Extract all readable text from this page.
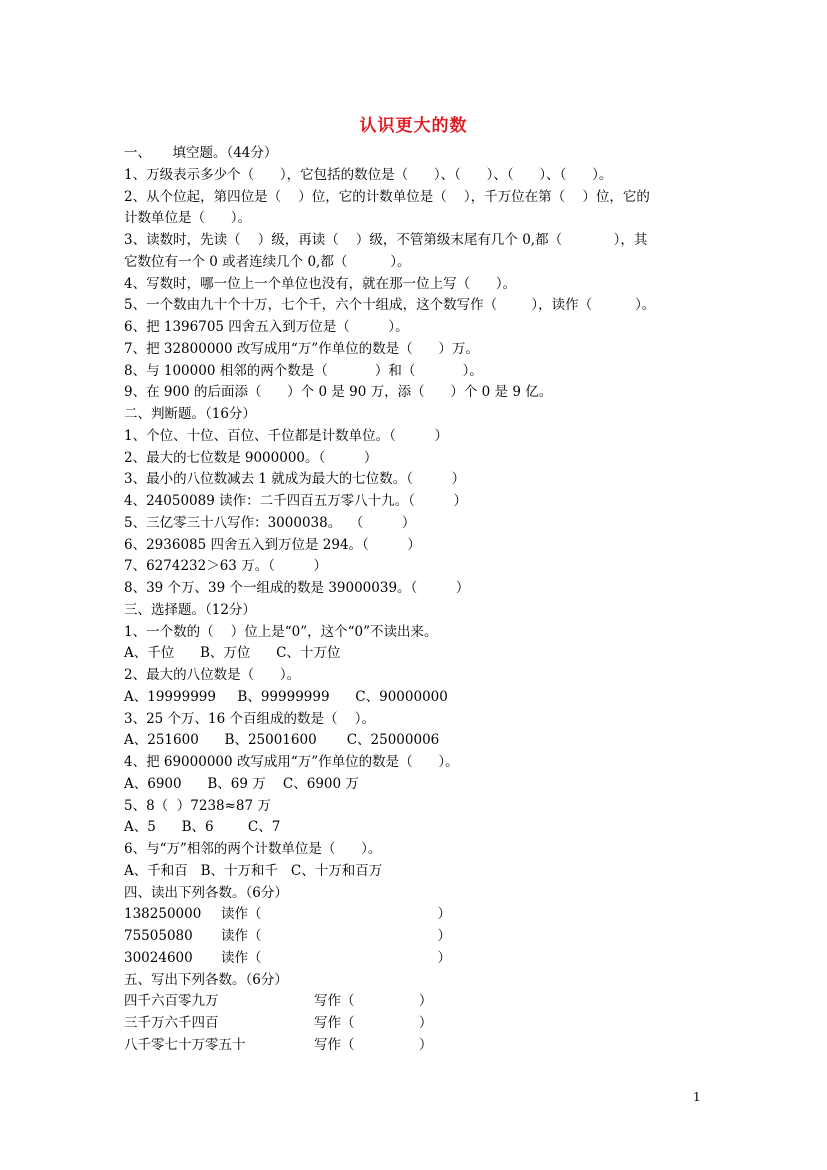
认识更大的数
一、     填空题。（44分）
1、万级表示多少个（      ），它包括的数位是（      ）、（      ）、（      ）、（      ）。
2、从个位起，第四位是（    ）位，它的计数单位是（    ），千万位在第（    ）位，它的
计数单位是（      ）。
3、读数时，先读（    ）级，再读（    ）级，不管第级末尾有几个 0,都（            ），其
它数位有一个 0 或者连续几个 0,都（          ）。
4、写数时，哪一位上一个单位也没有，就在那一位上写（      ）。
5、一个数由九十个十万，七个千，六个十组成，这个数写作（        ），读作（          ）。
6、把 1396705 四舍五入到万位是（         ）。
7、把 32800000 改写成用“万”作单位的数是（      ）万。
8、与 100000 相邻的两个数是（           ）和（           ）。
9、在 900 的后面添（      ）个 0 是 90 万，添（      ）个 0 是 9 亿。
二、判断题。（16分）
1、个位、十位、百位、千位都是计数单位。（         ）
2、最大的七位数是 9000000。（         ）
3、最小的八位数减去 1 就成为最大的七位数。（         ）
4、24050089 读作：二千四百五万零八十九。（         ）
5、三亿零三十八写作：3000038。  （         ）
6、2936085 四舍五入到万位是 294。（         ）
7、6274232＞63 万。（         ）
8、39 个万、39 个一组成的数是 39000039。（         ）
三、选择题。（12分）
1、一个数的（    ）位上是“0”，这个“0”不读出来。
A、千位      B、万位      C、十万位
2、最大的八位数是（      ）。
A、19999999     B、99999999      C、90000000
3、25 个万、16 个百组成的数是（    ）。
A、251600      B、25001600       C、25000006
4、把 69000000 改写成用“万”作单位的数是（      ）。
A、6900      B、69 万    C、6900 万
5、8（  ）7238≈87 万
A、5      B、6        C、7
6、与“万”相邻的两个计数单位是（      ）。
A、千和百   B、十万和千   C、十万和百万
四、读出下列各数。（6分）
138250000	读作（                                         ）
75505080	读作（                                         ）
30024600	读作（                                         ）
五、写出下列各数。（6分）
四千六百零九万	写作（               ）
三千万六千四百	写作（               ）
八千零七十万零五十	写作（               ）
1
